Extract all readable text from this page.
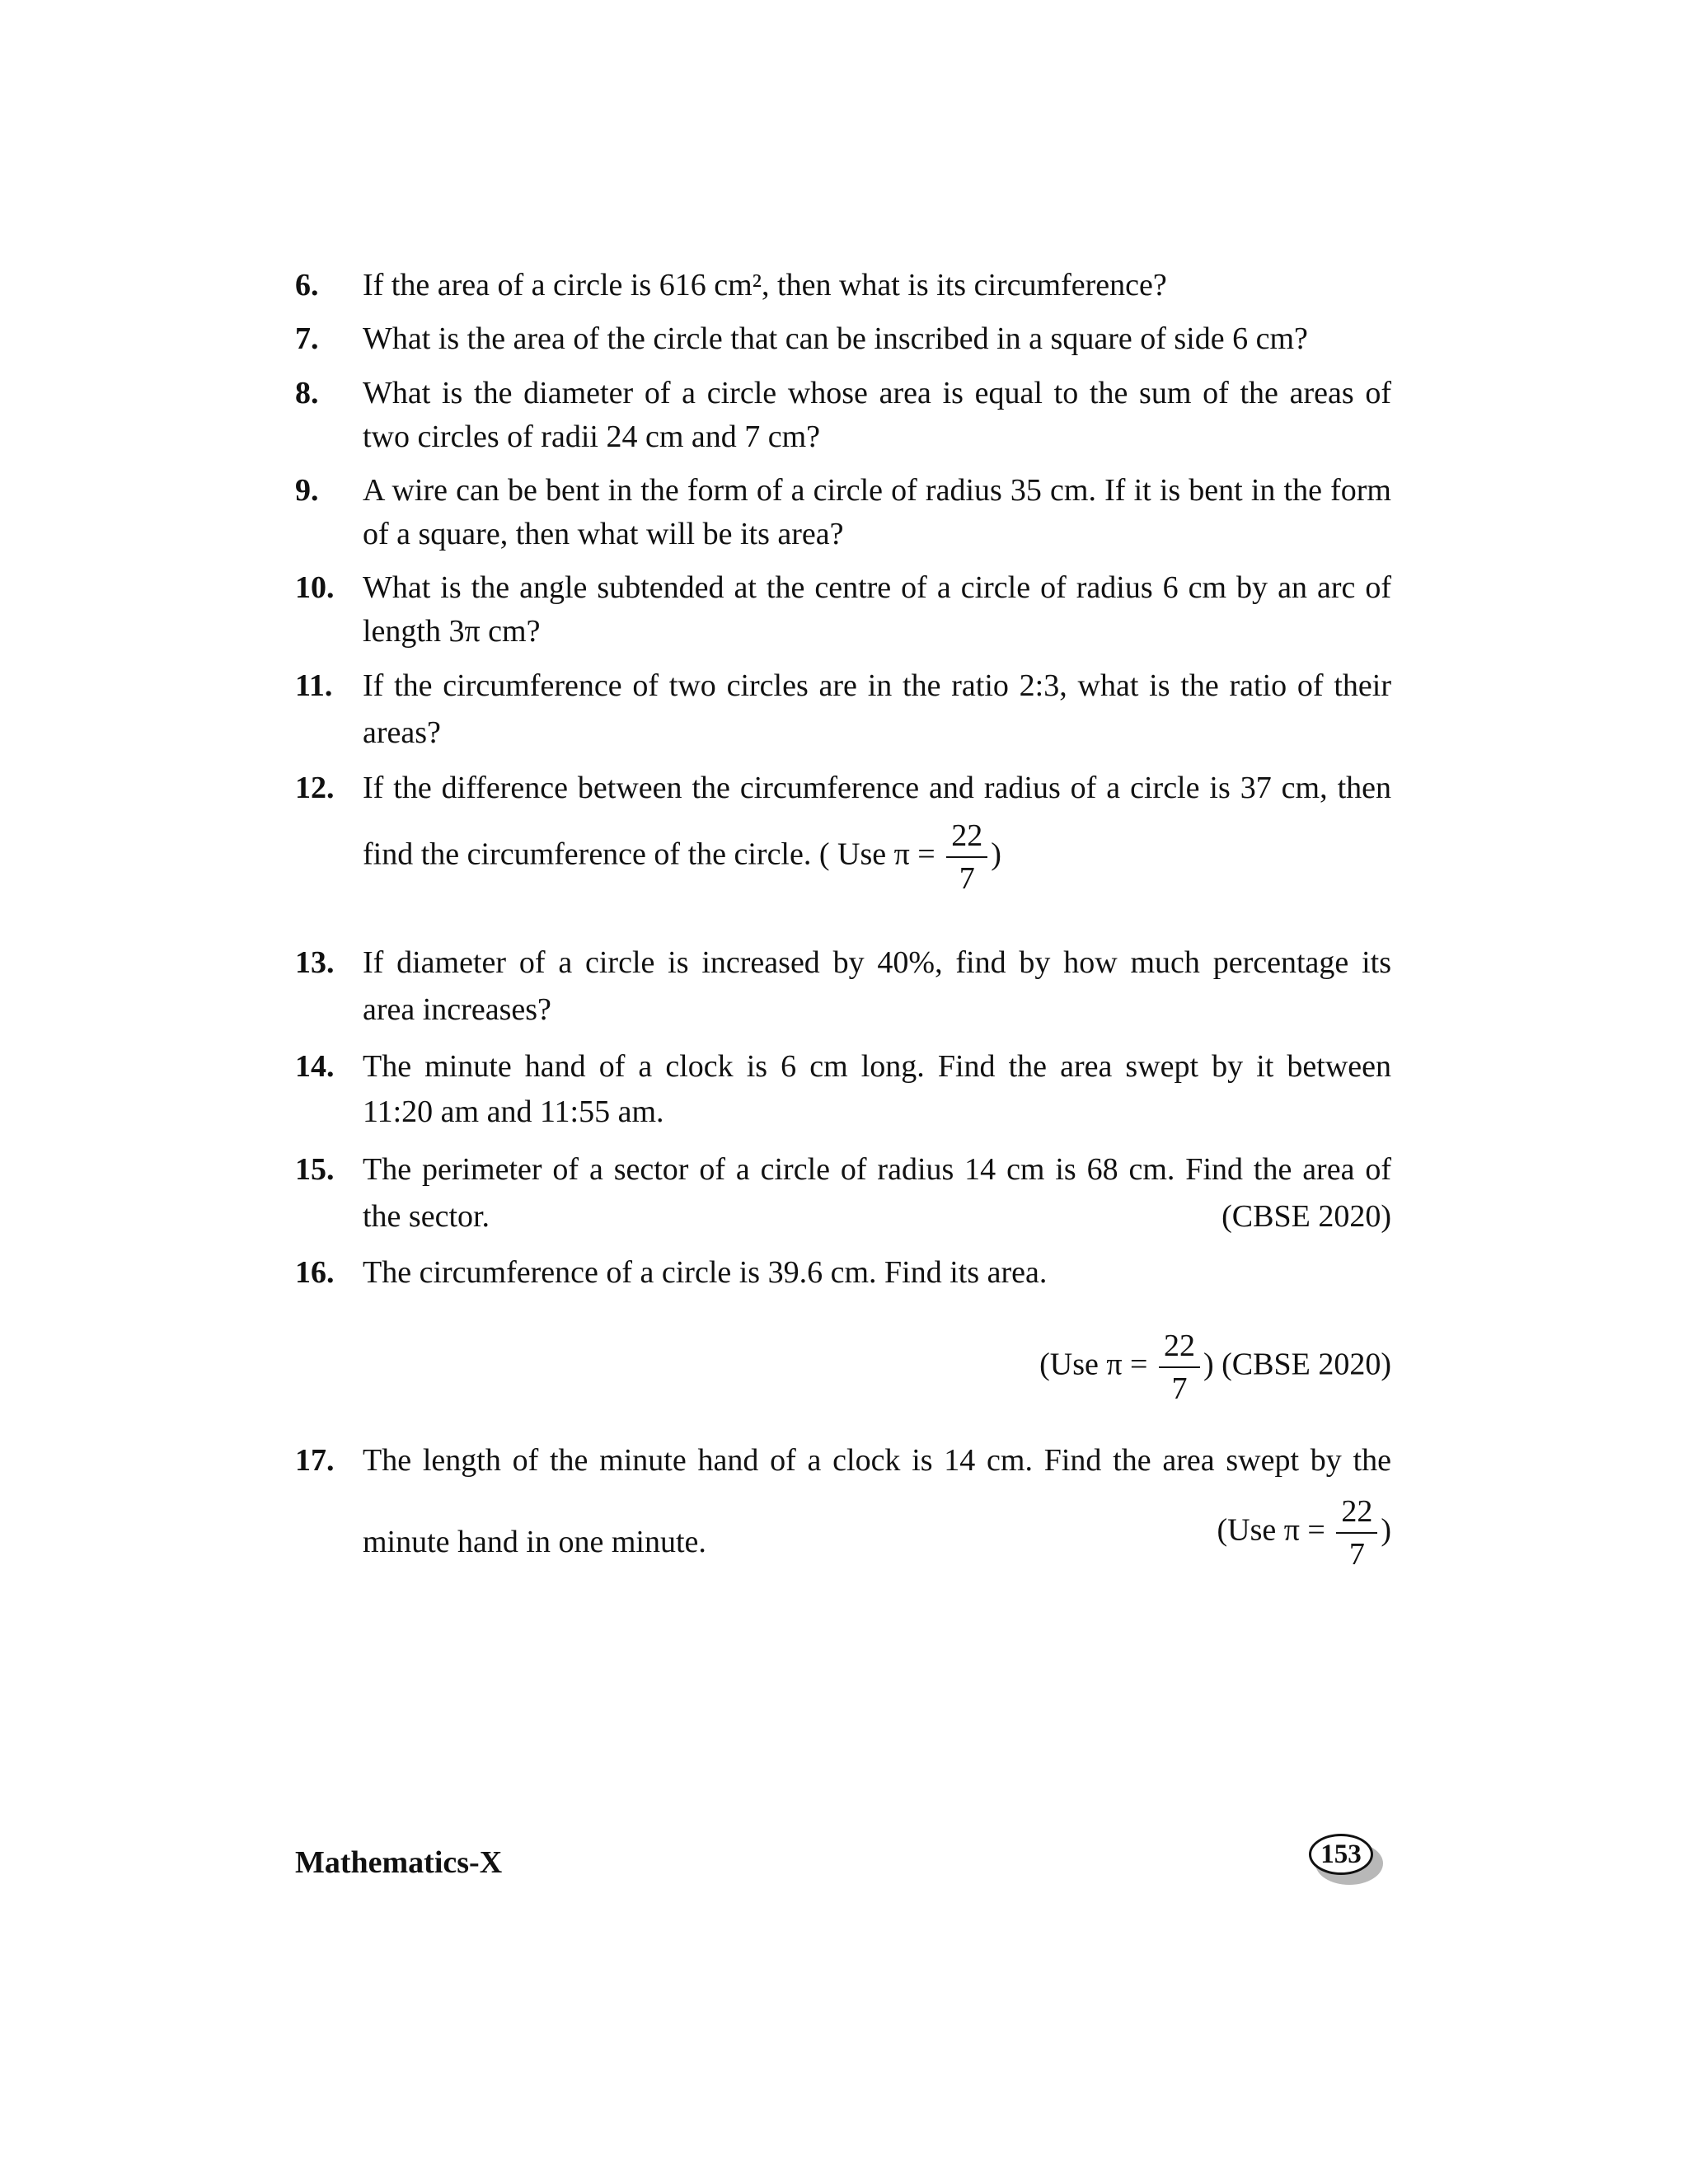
6. If the area of a circle is 616 cm², then what is its circumference?
7. What is the area of the circle that can be inscribed in a square of side 6 cm?
8. What is the diameter of a circle whose area is equal to the sum of the areas of
two circles of radii 24 cm and 7 cm?
9. A wire can be bent in the form of a circle of radius 35 cm. If it is bent in the form
of a square, then what will be its area?
10. What is the angle subtended at the centre of a circle of radius 6 cm by an arc of
length 3π cm?
11. If the circumference of two circles are in the ratio 2:3, what is the ratio of their
areas?
12. If the difference between the circumference and radius of a circle is 37 cm, then
find the circumference of the circle. ( Use $\pi = \frac{22}{7}$ )
13. If diameter of a circle is increased by 40%, find by how much percentage its
area increases?
14. The minute hand of a clock is 6 cm long. Find the area swept by it between
11:20 am and 11:55 am.
15. The perimeter of a sector of a circle of radius 14 cm is 68 cm. Find the area of
the sector.	(CBSE 2020)
16. The circumference of a circle is 39.6 cm. Find its area.
(Use $\pi = \frac{22}{7}$ ) (CBSE 2020)
17. The length of the minute hand of a clock is 14 cm. Find the area swept by the
minute hand in one minute.	(Use $\pi = \frac{22}{7}$ )
Mathematics-X	153
